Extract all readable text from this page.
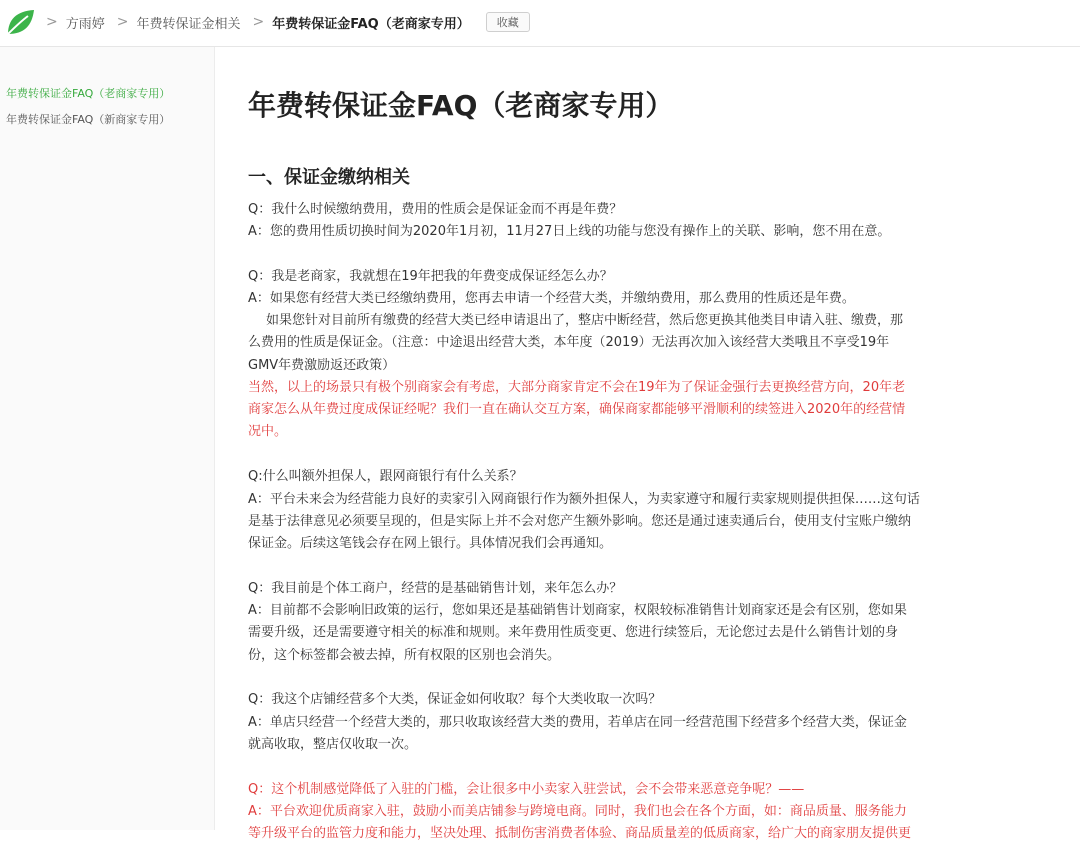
> 方雨婷 > 年费转保证金相关 > 年费转保证金FAQ（老商家专用）	收藏
年费转保证金FAQ（老商家专用）
年费转保证金FAQ（新商家专用）	年费转保证金FAQ（老商家专用）
一、保证金缴纳相关
Q：我什么时候缴纳费用，费用的性质会是保证金而不再是年费？
A：您的费用性质切换时间为2020年1月初，11月27日上线的功能与您没有操作上的关联、影响，您不用在意。
Q：我是老商家，我就想在19年把我的年费变成保证经怎么办？
A：如果您有经营大类已经缴纳费用，您再去申请一个经营大类，并缴纳费用，那么费用的性质还是年费。
如果您针对目前所有缴费的经营大类已经申请退出了，整店中断经营，然后您更换其他类目申请入驻、缴费，那
么费用的性质是保证金。（注意：中途退出经营大类，本年度（2019）无法再次加入该经营大类哦且不享受19年
GMV年费激励返还政策）
当然，以上的场景只有极个别商家会有考虑，大部分商家肯定不会在19年为了保证金强行去更换经营方向，20年老
商家怎么从年费过度成保证经呢？我们一直在确认交互方案，确保商家都能够平滑顺利的续签进入2020年的经营情
况中。
Q:什么叫额外担保人，跟网商银行有什么关系？
A：平台未来会为经营能力良好的卖家引入网商银行作为额外担保人，为卖家遵守和履行卖家规则提供担保……这句话
是基于法律意见必须要呈现的，但是实际上并不会对您产生额外影响。您还是通过速卖通后台，使用支付宝账户缴纳
保证金。后续这笔钱会存在网上银行。具体情况我们会再通知。
Q：我目前是个体工商户，经营的是基础销售计划，来年怎么办？
A：目前都不会影响旧政策的运行，您如果还是基础销售计划商家，权限较标准销售计划商家还是会有区别，您如果
需要升级，还是需要遵守相关的标准和规则。来年费用性质变更、您进行续签后，无论您过去是什么销售计划的身
份，这个标签都会被去掉，所有权限的区别也会消失。
Q：我这个店铺经营多个大类，保证金如何收取？每个大类收取一次吗？
A：单店只经营一个经营大类的，那只收取该经营大类的费用，若单店在同一经营范围下经营多个经营大类，保证金
就高收取，整店仅收取一次。
Q：这个机制感觉降低了入驻的门槛，会让很多中小卖家入驻尝试，会不会带来恶意竞争呢？——
A：平台欢迎优质商家入驻，鼓励小而美店铺参与跨境电商。同时，我们也会在各个方面，如：商品质量、服务能力
等升级平台的监管力度和能力，坚决处理、抵制伤害消费者体验、商品质量差的低质商家，给广大的商家朋友提供更
